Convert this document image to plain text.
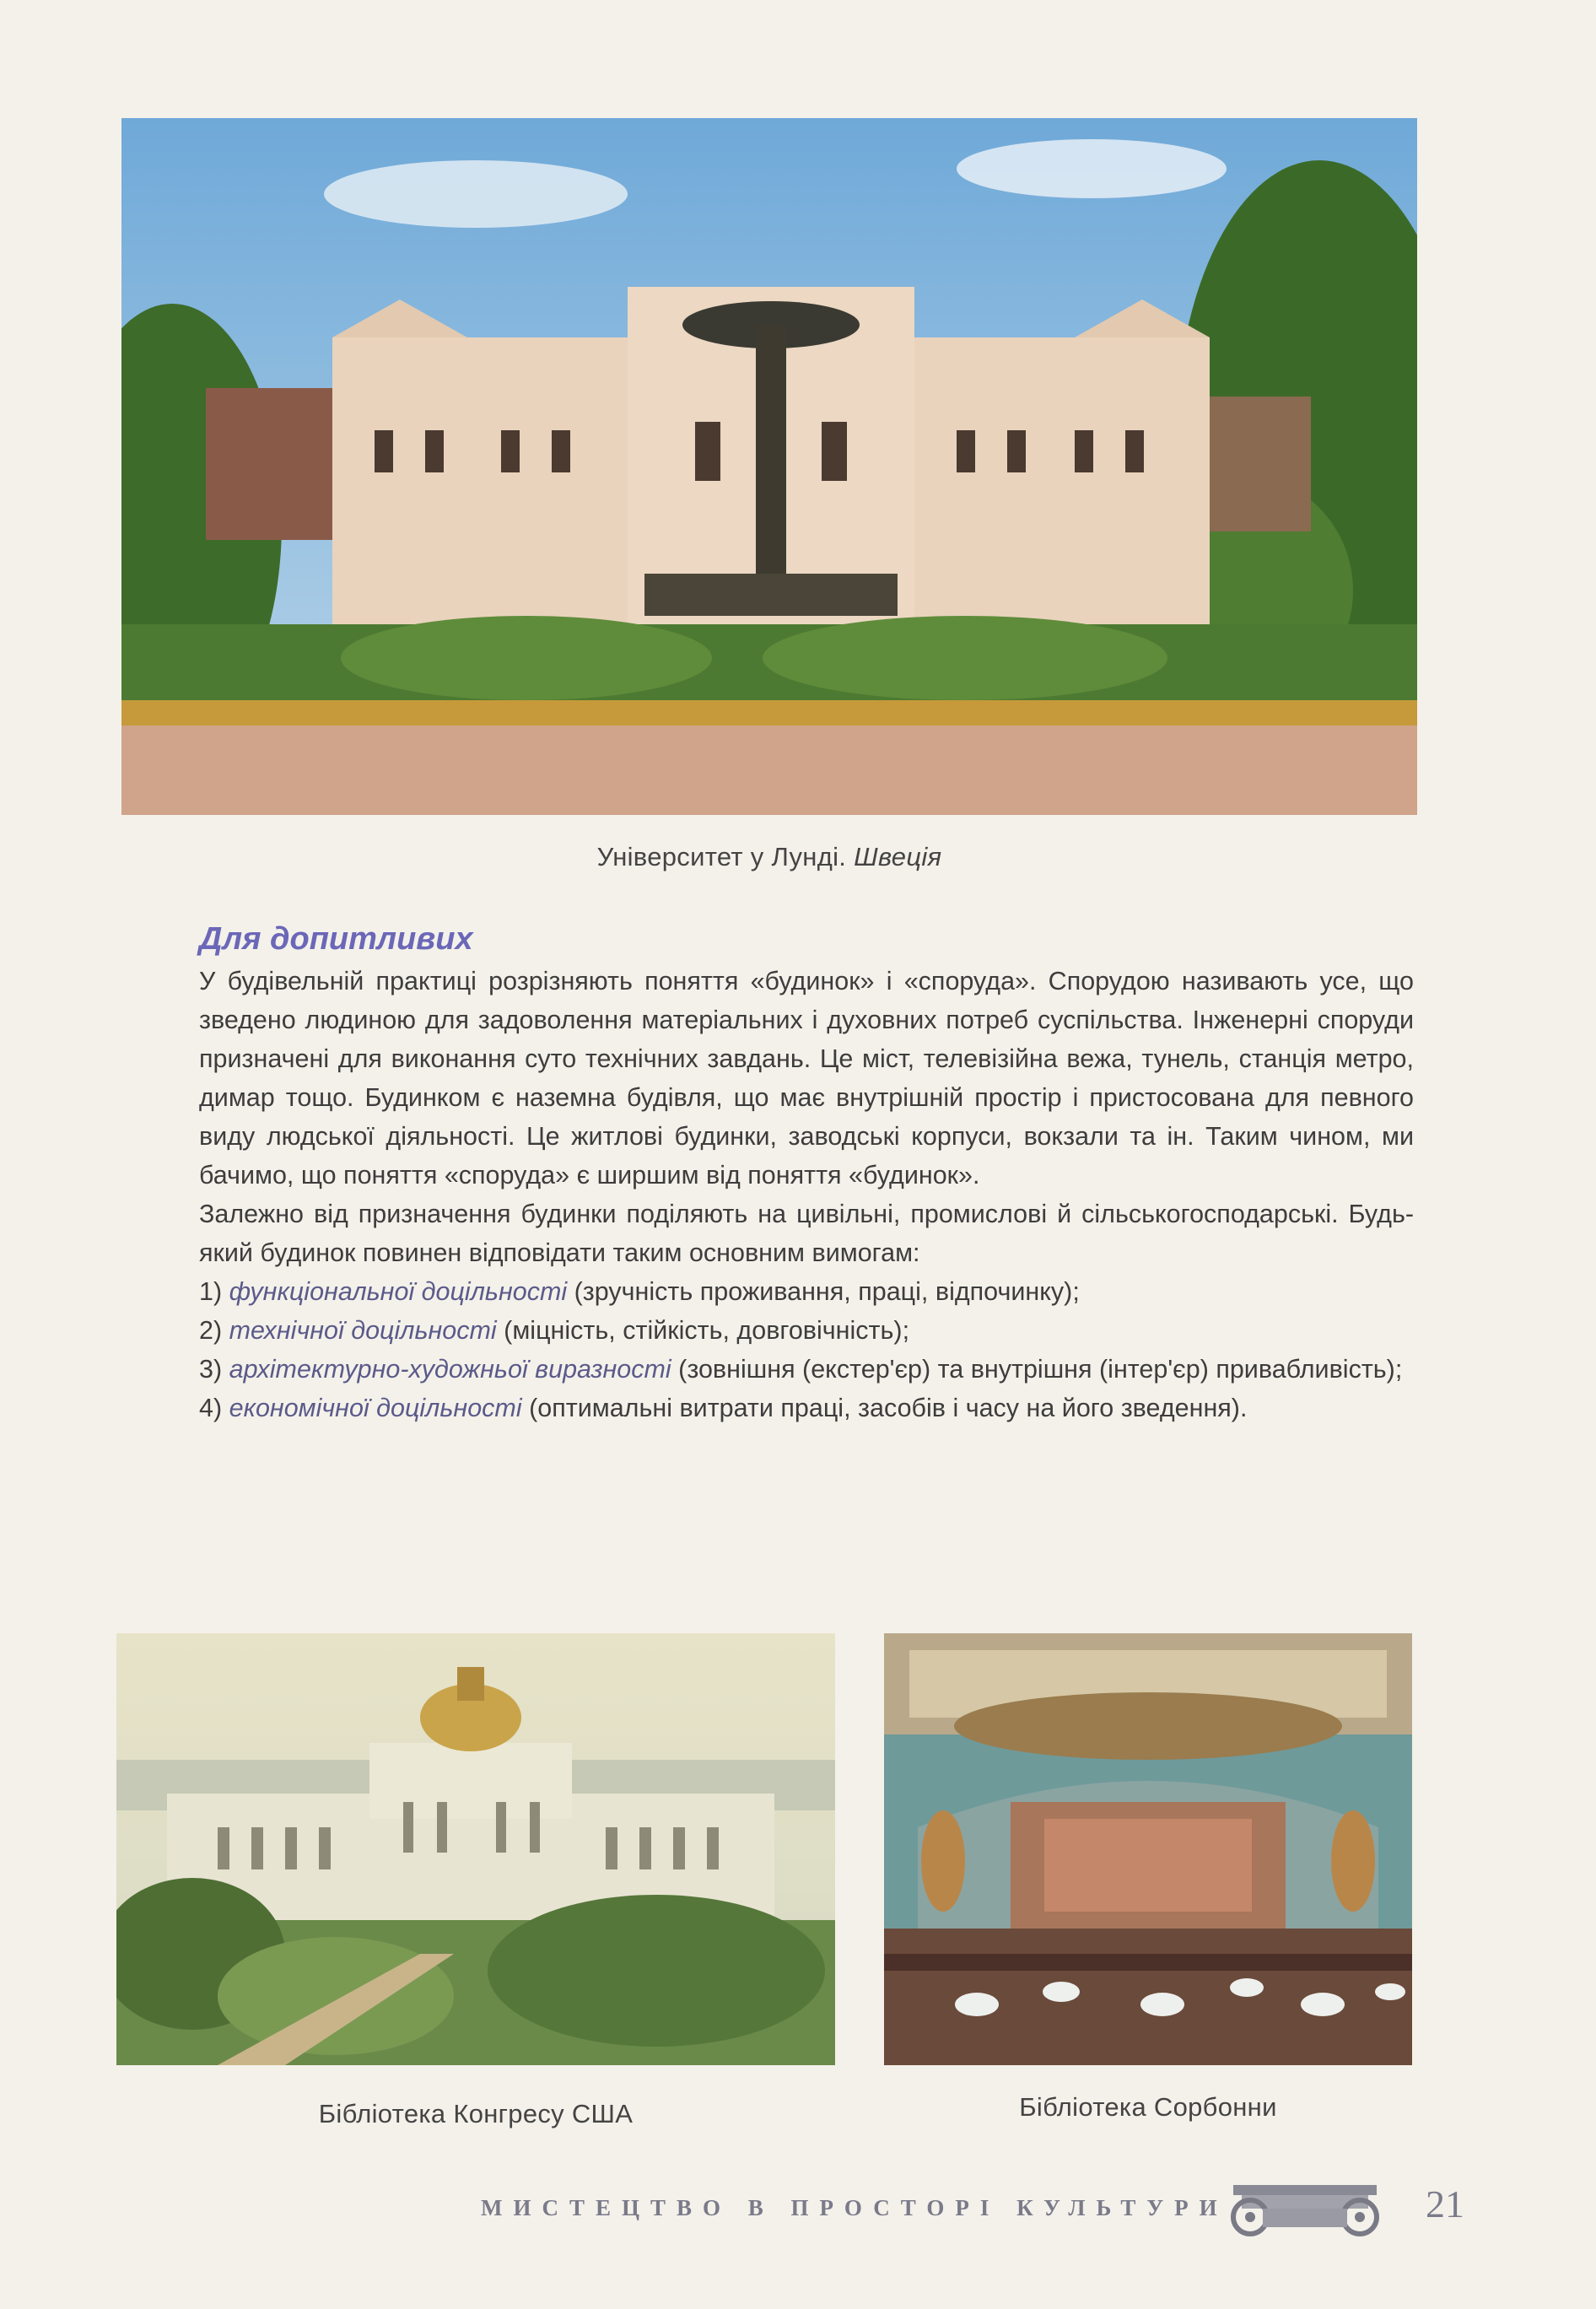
Університет у Лунді. Швеція
Для допитливих

У будівельній практиці розрізняють поняття «будинок» і «споруда». Спорудою називають усе, що зведено людиною для задоволення матеріальних і духовних потреб суспільства. Інженерні споруди призначені для виконання суто технічних завдань. Це міст, телевізійна вежа, тунель, станція метро, димар тощо. Будинком є наземна будівля, що має внутрішній простір і пристосована для певного виду людської діяльності. Це житлові будинки, заводські корпуси, вокзали та ін. Таким чином, ми бачимо, що поняття «споруда» є ширшим від поняття «будинок».

Залежно від призначення будинки поділяють на цивільні, промислові й сільськогосподарські. Будь-який будинок повинен відповідати таким основним вимогам:

1) функціональної доцільності (зручність проживання, праці, відпочинку);

2) технічної доцільності (міцність, стійкість, довговічність);

3) архітектурно-художньої виразності (зовнішня (екстер'єр) та внутрішня (інтер'єр) привабливість);

4) економічної доцільності (оптимальні витрати праці, засобів і часу на його зведення).

Бібліотека Конгресу США	Бібліотека Сорбонни
МИСТЕЦТВО В ПРОСТОРІ КУЛЬТУРИ	21
